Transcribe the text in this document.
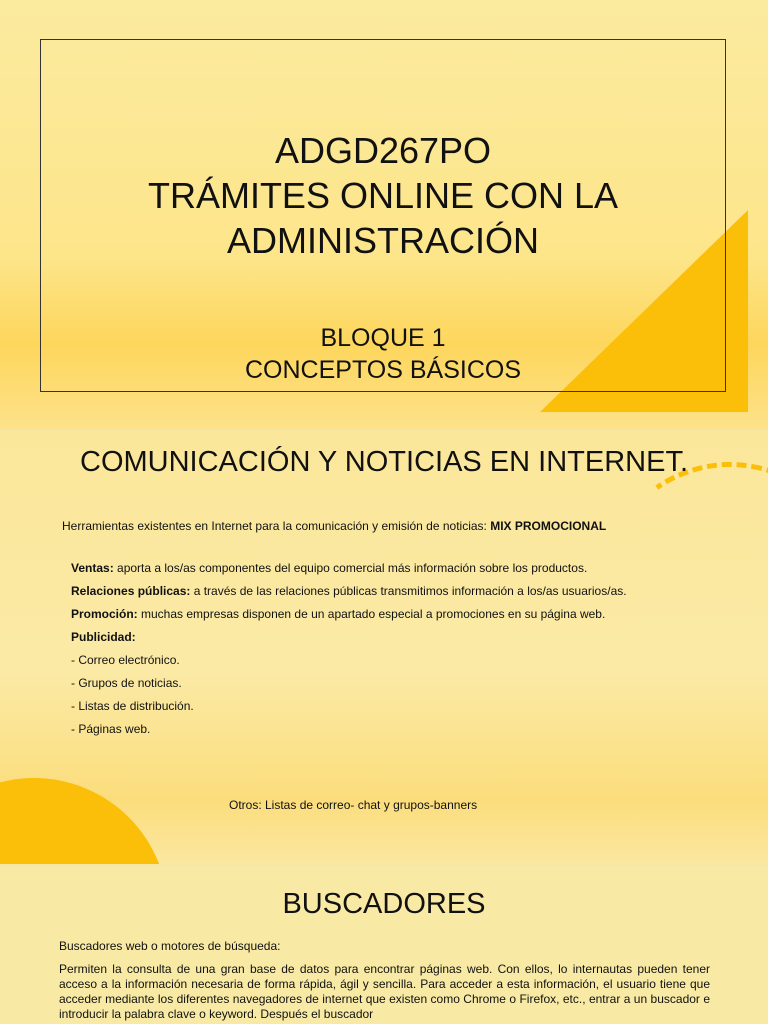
ADGD267PO
TRÁMITES ONLINE CON LA
ADMINISTRACIÓN
BLOQUE 1
CONCEPTOS BÁSICOS
COMUNICACIÓN Y NOTICIAS EN INTERNET.
Herramientas existentes en Internet para la comunicación y emisión de noticias: MIX PROMOCIONAL

Ventas: aporta a los/as componentes del equipo comercial más información sobre los productos.

Relaciones públicas: a través de las relaciones públicas transmitimos información a los/as usuarios/as.

Promoción: muchas empresas disponen de un apartado especial a promociones en su página web.

Publicidad:

- Correo electrónico.

- Grupos de noticias.

- Listas de distribución.

- Páginas web.

Otros: Listas de correo- chat y grupos-banners
BUSCADORES
Buscadores web o motores de búsqueda:
Permiten la consulta de una gran base de datos para encontrar páginas web. Con ellos, lo internautas pueden tener acceso a la información necesaria de forma rápida, ágil y sencilla. Para acceder a esta información, el usuario tiene que acceder mediante los diferentes navegadores de internet que existen como Chrome o Firefox, etc., entrar a un buscador e introducir la palabra clave o keyword. Después el buscador
